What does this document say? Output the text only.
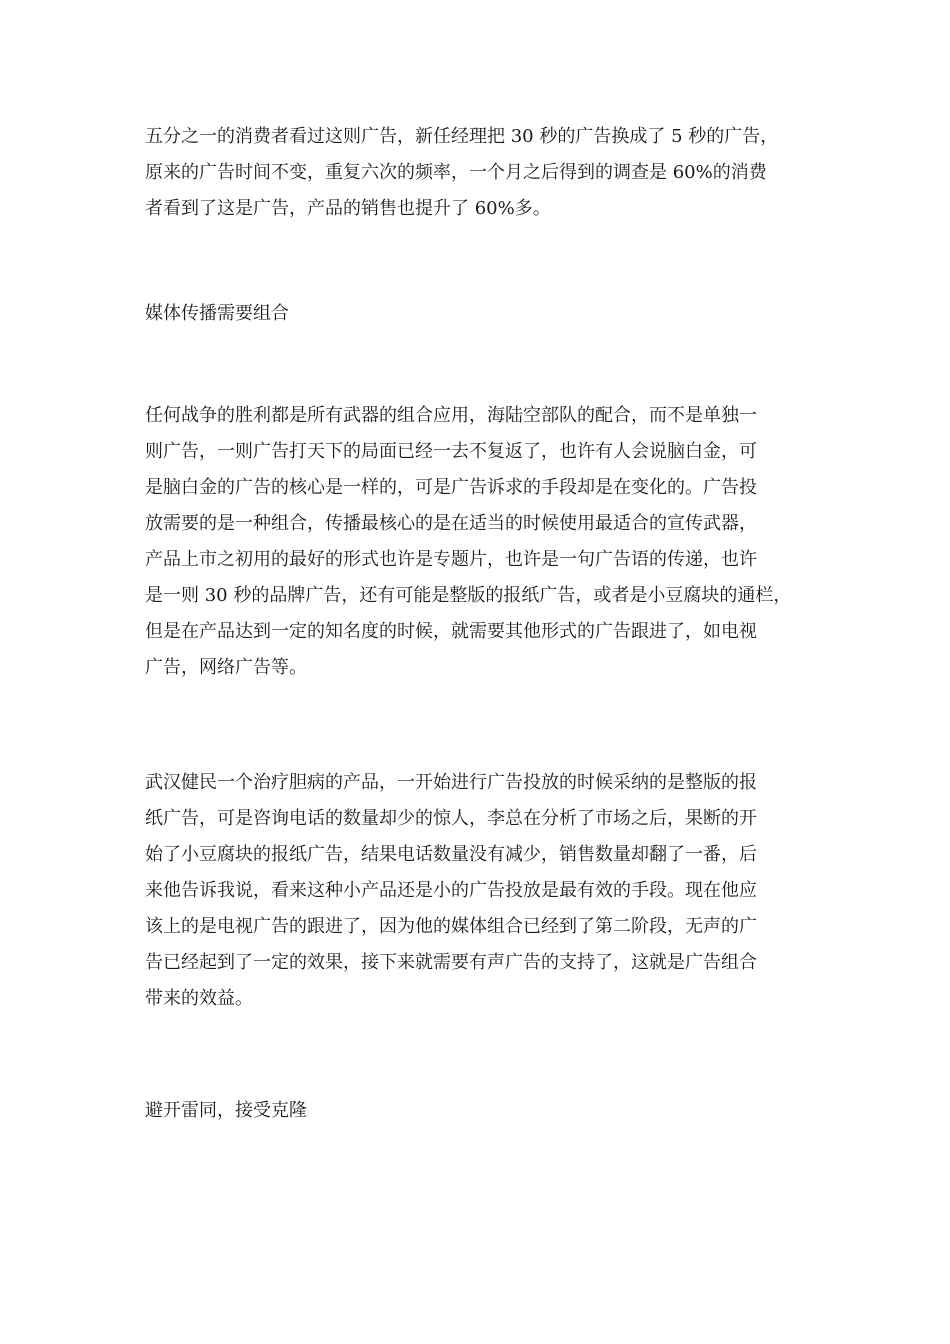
五分之一的消费者看过这则广告，新任经理把 30 秒的广告换成了 5 秒的广告，
原来的广告时间不变，重复六次的频率，一个月之后得到的调查是 60%的消费
者看到了这是广告，产品的销售也提升了 60%多。
媒体传播需要组合
任何战争的胜利都是所有武器的组合应用，海陆空部队的配合，而不是单独一
则广告，一则广告打天下的局面已经一去不复返了，也许有人会说脑白金，可
是脑白金的广告的核心是一样的，可是广告诉求的手段却是在变化的。广告投
放需要的是一种组合，传播最核心的是在适当的时候使用最适合的宣传武器，
产品上市之初用的最好的形式也许是专题片，也许是一句广告语的传递，也许
是一则 30 秒的品牌广告，还有可能是整版的报纸广告，或者是小豆腐块的通栏，
但是在产品达到一定的知名度的时候，就需要其他形式的广告跟进了，如电视
广告，网络广告等。
武汉健民一个治疗胆病的产品，一开始进行广告投放的时候采纳的是整版的报
纸广告，可是咨询电话的数量却少的惊人，李总在分析了市场之后，果断的开
始了小豆腐块的报纸广告，结果电话数量没有减少，销售数量却翻了一番，后
来他告诉我说，看来这种小产品还是小的广告投放是最有效的手段。现在他应
该上的是电视广告的跟进了，因为他的媒体组合已经到了第二阶段，无声的广
告已经起到了一定的效果，接下来就需要有声广告的支持了，这就是广告组合
带来的效益。
避开雷同，接受克隆
